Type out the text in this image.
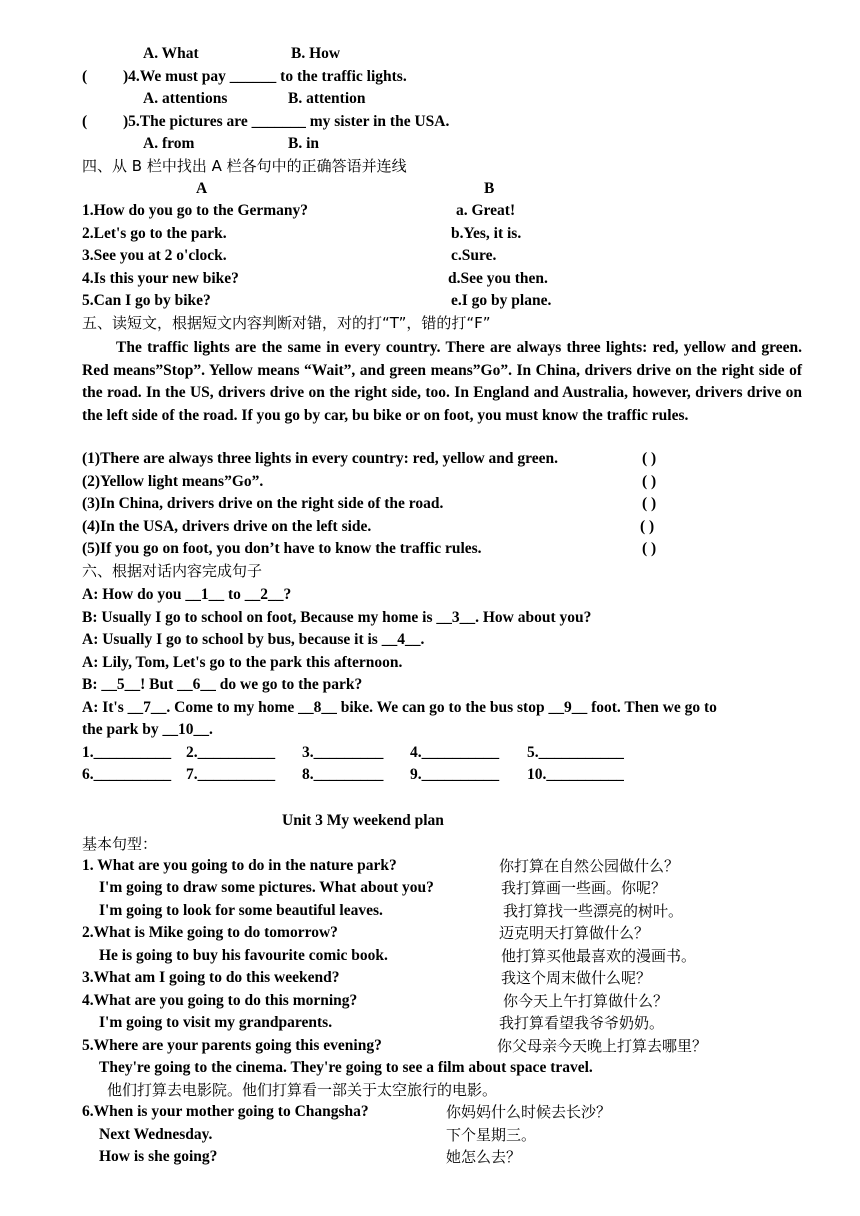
A. What	B. How
( )4.We must pay ______ to the traffic lights.
A. attentions	B. attention
( )5.The pictures are _______ my sister in the USA.
A. from	B. in
四、从 B 栏中找出 A 栏各句中的正确答语并连线
A	B
1.How do you go to the Germany?	a. Great!
2.Let's go to the park.	b.Yes, it is.
3.See you at 2 o'clock.	c.Sure.
4.Is this your new bike?	d.See you then.
5.Can I go by bike?	e.I go by plane.
五、读短文，根据短文内容判断对错，对的打“T”，错的打“F”
The traffic lights are the same in every country. There are always three lights: red, yellow and green. Red means”Stop”. Yellow means “Wait”, and green means”Go”. In China, drivers drive on the right side of the road. In the US, drivers drive on the right side, too. In England and Australia, however, drivers drive on the left side of the road. If you go by car, bu bike or on foot, you must know the traffic rules.
(1)There are always three lights in every country: red, yellow and green.	( )
(2)Yellow light means”Go”.	( )
(3)In China, drivers drive on the right side of the road.	( )
(4)In the USA, drivers drive on the left side.	( )
(5)If you go on foot, you don’t have to know the traffic rules.	( )
六、根据对话内容完成句子
A: How do you __1__ to __2__?
B: Usually I go to school on foot, Because my home is __3__. How about you?
A: Usually I go to school by bus, because it is __4__.
A: Lily, Tom, Let's go to the park this afternoon.
B: __5__! But __6__ do we go to the park?
A: It's __7__. Come to my home __8__ bike. We can go to the bus stop __9__ foot. Then we go to
the park by __10__.
1.__________ 2.__________ 3._________ 4.__________ 5.___________
6.__________ 7.__________ 8._________ 9.__________ 10.__________
Unit 3 My weekend plan
基本句型：
1. What are you going to do in the nature park?	你打算在自然公园做什么？
I'm going to draw some pictures. What about you?	我打算画一些画。你呢？
I'm going to look for some beautiful leaves.	我打算找一些漂亮的树叶。
2.What is Mike going to do tomorrow?	迈克明天打算做什么？
He is going to buy his favourite comic book.	他打算买他最喜欢的漫画书。
3.What am I going to do this weekend?	我这个周末做什么呢？
4.What are you going to do this morning?	你今天上午打算做什么？
I'm going to visit my grandparents.	我打算看望我爷爷奶奶。
5.Where are your parents going this evening?	你父母亲今天晚上打算去哪里？
They're going to the cinema. They're going to see a film about space travel.
他们打算去电影院。他们打算看一部关于太空旅行的电影。
6.When is your mother going to Changsha?	你妈妈什么时候去长沙？
Next Wednesday.	下个星期三。
How is she going?	她怎么去？
